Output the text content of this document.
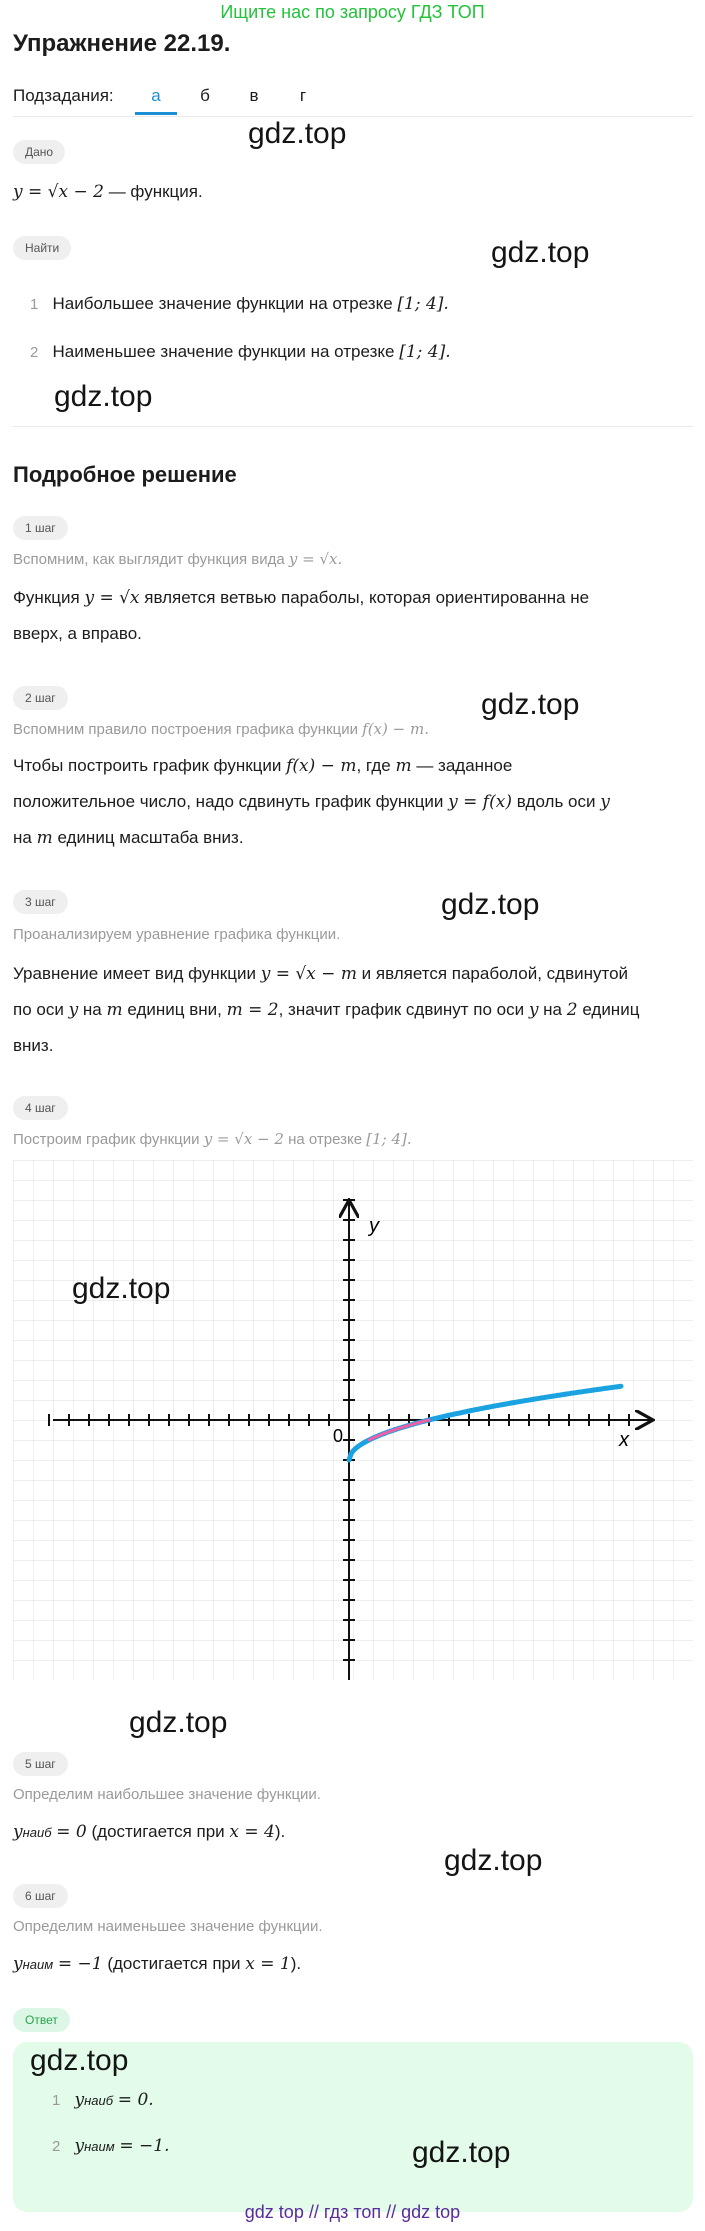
Ищите нас по запросу ГДЗ ТОП
Упражнение 22.19.
Подзадания:	а	б	в	г
Дано
gdz.top
y = √x − 2 — функция.
Найти	gdz.top
1 Наибольшее значение функции на отрезке [1; 4].
2 Наименьшее значение функции на отрезке [1; 4].
gdz.top
Подробное решение
1 шаг
Вспомним, как выглядит функция вида y = √x.
Функция y = √x является ветвью параболы, которая ориентированна не
вверх, а вправо.
2 шаг	gdz.top
Вспомним правило построения графика функции f(x) − m.
Чтобы построить график функции f(x) − m, где m — заданное
положительное число, надо сдвинуть график функции y = f(x) вдоль оси y
на m единиц масштаба вниз.
3 шаг	gdz.top
Проанализируем уравнение графика функции.
Уравнение имеет вид функции y = √x − m и является параболой, сдвинутой
по оси y на m единиц вни, m = 2, значит график сдвинут по оси y на 2 единиц
вниз.
4 шаг
Построим график функции y = √x − 2 на отрезке [1; 4].
y
x
0
gdz.top
gdz.top
5 шаг
Определим наибольшее значение функции.
yнаиб = 0 (достигается при x = 4).
gdz.top
6 шаг
Определим наименьшее значение функции.
yнаим = −1 (достигается при x = 1).
Ответ
gdz.top
1 yнаиб = 0.
2 yнаим = −1.	gdz.top
gdz top // гдз топ // gdz top
